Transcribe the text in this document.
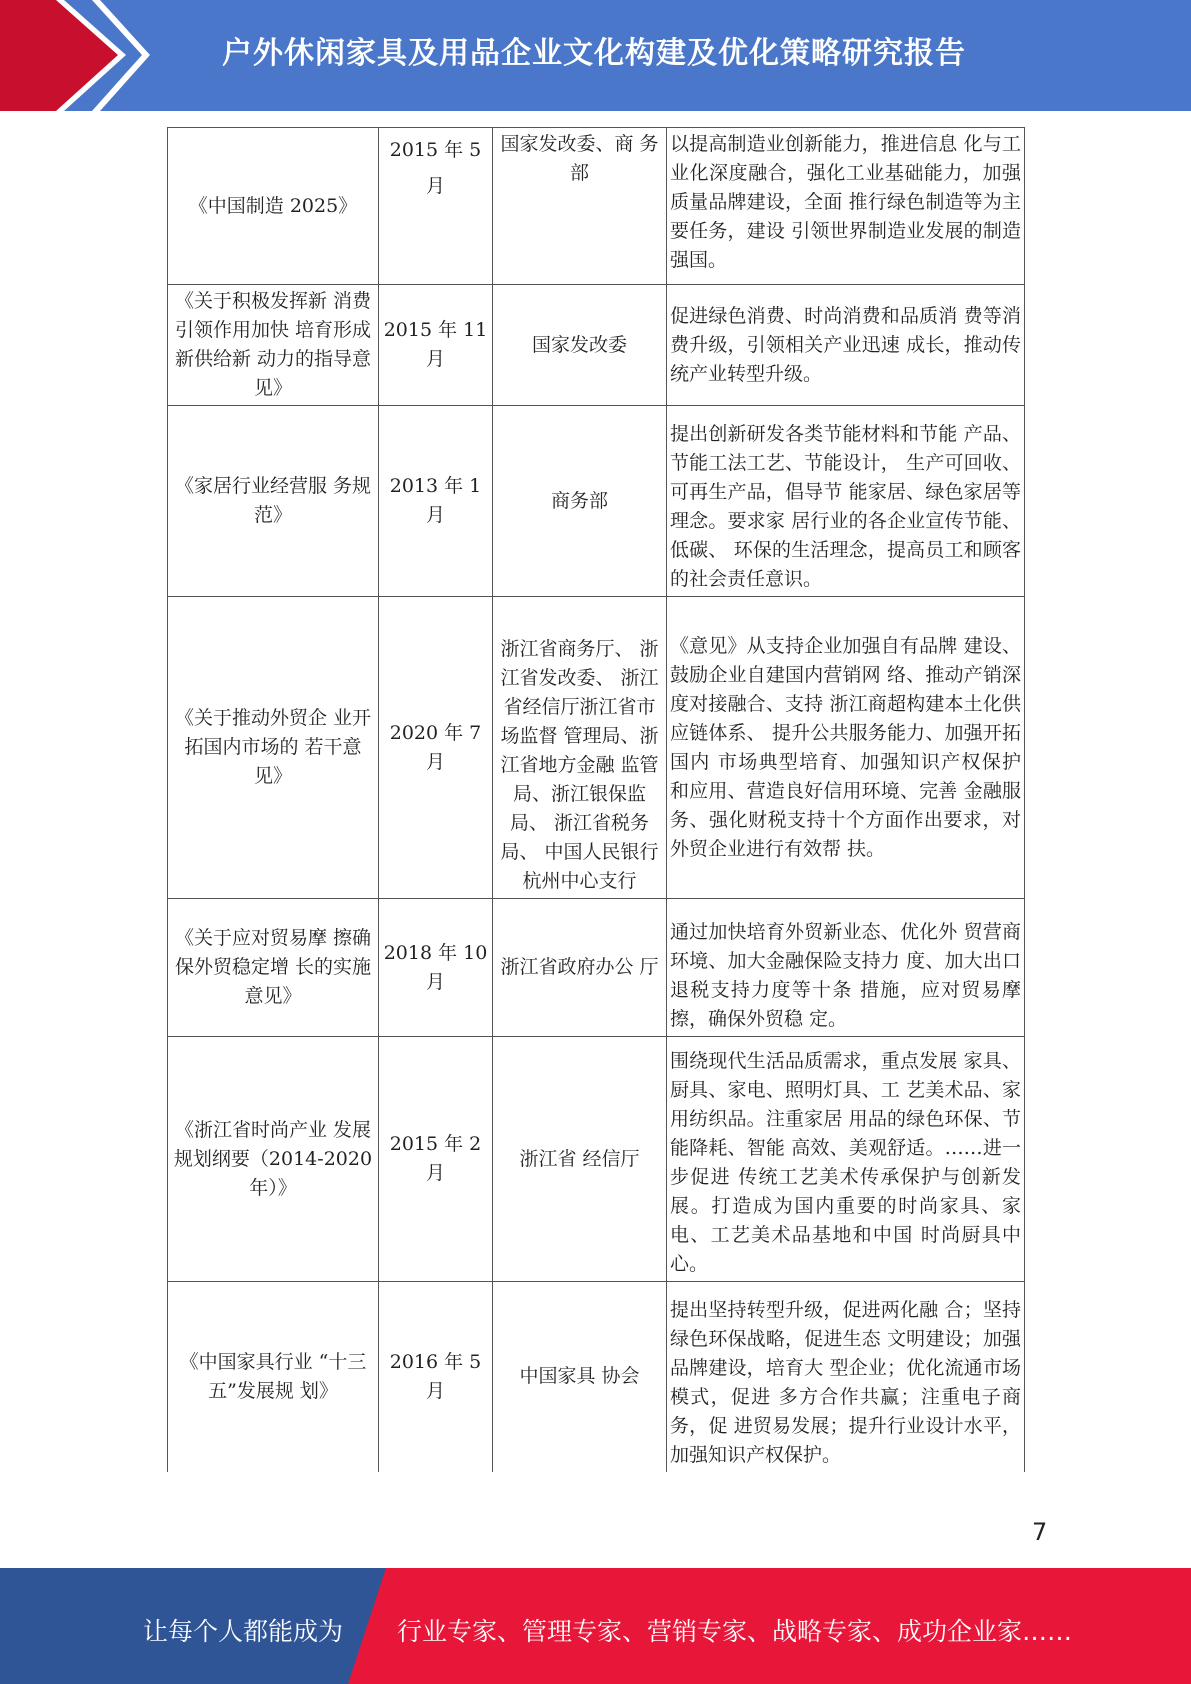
户外休闲家具及用品企业文化构建及优化策略研究报告
《中国制造 2025》	2015 年 5 月	国家发改委、商 务部	以提高制造业创新能力，推进信息 化与工业化深度融合，强化工业基础能力，加强质量品牌建设，全面 推行绿色制造等为主要任务，建设 引领世界制造业发展的制造强国。
《关于积极发挥新 消费引领作用加快 培育形成新供给新 动力的指导意见》	2015 年 11 月	国家发改委	促进绿色消费、时尚消费和品质消 费等消费升级，引领相关产业迅速 成长，推动传统产业转型升级。
《家居行业经营服 务规范》	2013 年 1 月	商务部	提出创新研发各类节能材料和节能 产品、节能工法工艺、节能设计， 生产可回收、可再生产品，倡导节 能家居、绿色家居等理念。要求家 居行业的各企业宣传节能、低碳、 环保的生活理念，提高员工和顾客 的社会责任意识。
《关于推动外贸企 业开拓国内市场的 若干意见》	2020 年 7 月	浙江省商务厅、 浙江省发改委、 浙江省经信厅浙江省市场监督 管理局、浙江省地方金融 监管局、浙江银保监局、 浙江省税务局、 中国人民银行杭州中心支行	《意见》从支持企业加强自有品牌 建设、鼓励企业自建国内营销网 络、推动产销深度对接融合、支持 浙江商超构建本土化供应链体系、 提升公共服务能力、加强开拓国内 市场典型培育、加强知识产权保护 和应用、营造良好信用环境、完善 金融服务、强化财税支持十个方面作出要求，对外贸企业进行有效帮 扶。
《关于应对贸易摩 擦确保外贸稳定增 长的实施意见》	2018 年 10 月	浙江省政府办公 厅	通过加快培育外贸新业态、优化外 贸营商环境、加大金融保险支持力 度、加大出口退税支持力度等十条 措施，应对贸易摩擦，确保外贸稳 定。
《浙江省时尚产业 发展规划纲要（2014-2020 年）》	2015 年 2 月	浙江省 经信厅	围绕现代生活品质需求，重点发展 家具、厨具、家电、照明灯具、工 艺美术品、家用纺织品。注重家居 用品的绿色环保、节能降耗、智能 高效、美观舒适。……进一步促进 传统工艺美术传承保护与创新发 展。打造成为国内重要的时尚家具、家电、工艺美术品基地和中国 时尚厨具中心。
《中国家具行业 “十三五”发展规 划》	2016 年 5 月	中国家具 协会	提出坚持转型升级，促进两化融 合；坚持绿色环保战略，促进生态 文明建设；加强品牌建设，培育大 型企业；优化流通市场模式，促进 多方合作共赢；注重电子商务，促 进贸易发展；提升行业设计水平， 加强知识产权保护。
7
让每个人都能成为 行业专家、管理专家、营销专家、战略专家、成功企业家……
